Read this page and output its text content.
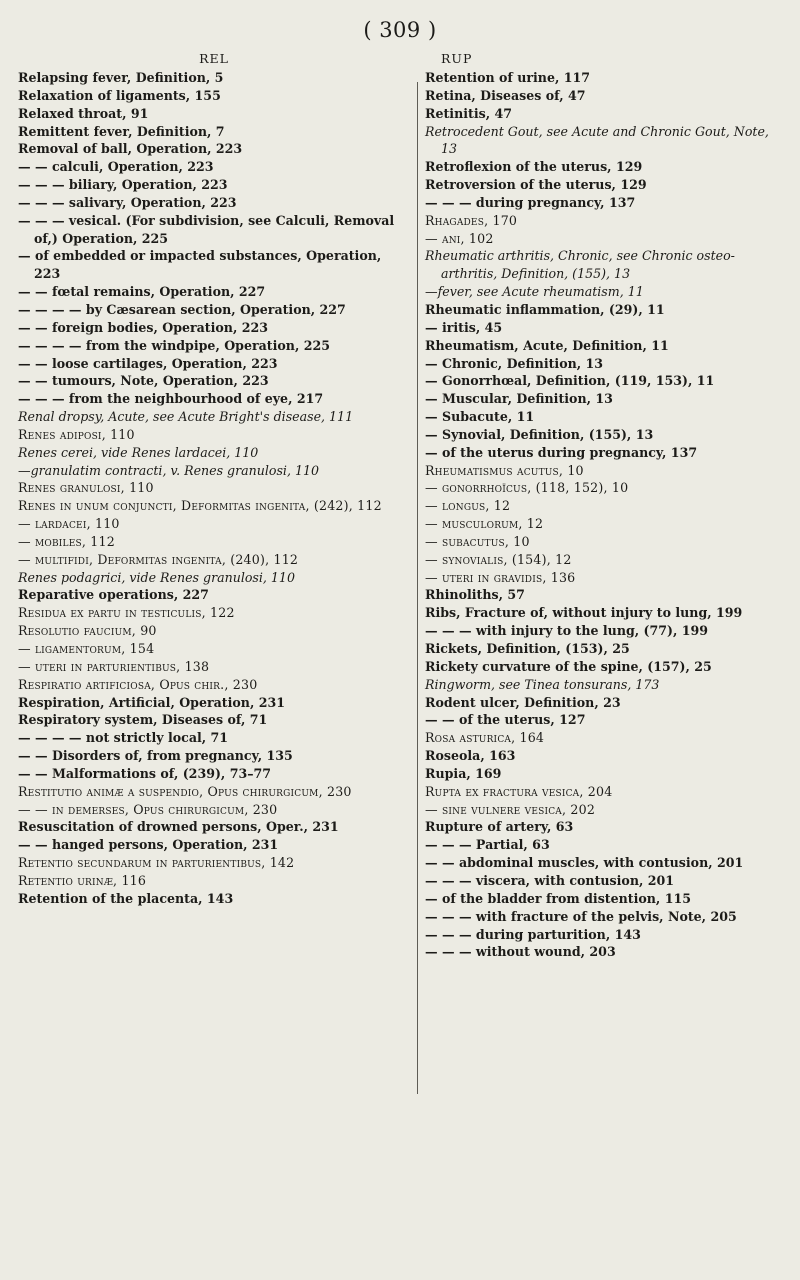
( 309 )
REL
Relapsing fever, Definition, 5
Relaxation of ligaments, 155
Relaxed throat, 91
Remittent fever, Definition, 7
Removal of ball, Operation, 223
— — calculi, Operation, 223
— — — biliary, Operation, 223
— — — salivary, Operation, 223
— — — vesical. (For subdivision, see Calculi, Removal of,) Operation, 225
— of embedded or impacted substances, Operation, 223
— — fœtal remains, Operation, 227
— — — — by Cæsarean section, Operation, 227
— — foreign bodies, Operation, 223
— — — — from the windpipe, Operation, 225
— — loose cartilages, Operation, 223
— — tumours, Note, Operation, 223
— — — from the neighbourhood of eye, 217
Renal dropsy, Acute, see Acute Bright's disease, 111
Renes adiposi, 110
Renes cerei, vide Renes lardacei, 110
—granulatim contracti, v. Renes granulosi, 110
Renes granulosi, 110
Renes in unum conjuncti, Deformitas ingenita, (242), 112
— lardacei, 110
— mobiles, 112
— multifidi, Deformitas ingenita, (240), 112
Renes podagrici, vide Renes granulosi, 110
Reparative operations, 227
Residua ex partu in testiculis, 122
Resolutio faucium, 90
— ligamentorum, 154
— uteri in parturientibus, 138
Respiratio artificiosa, Opus chir., 230
Respiration, Artificial, Operation, 231
Respiratory system, Diseases of, 71
— — — — not strictly local, 71
— — Disorders of, from pregnancy, 135
— — Malformations of, (239), 73–77
Restitutio animæ a suspendio, Opus chirurgicum, 230
— — in demerses, Opus chirurgicum, 230
Resuscitation of drowned persons, Oper., 231
— — hanged persons, Operation, 231
Retentio secundarum in parturientibus, 142
Retentio urinæ, 116
Retention of the placenta, 143
RUP
Retention of urine, 117
Retina, Diseases of, 47
Retinitis, 47
Retrocedent Gout, see Acute and Chronic Gout, Note, 13
Retroflexion of the uterus, 129
Retroversion of the uterus, 129
— — — during pregnancy, 137
Rhagades, 170
— ani, 102
Rheumatic arthritis, Chronic, see Chronic osteo-arthritis, Definition, (155), 13
—fever, see Acute rheumatism, 11
Rheumatic inflammation, (29), 11
— iritis, 45
Rheumatism, Acute, Definition, 11
— Chronic, Definition, 13
— Gonorrhœal, Definition, (119, 153), 11
— Muscular, Definition, 13
— Subacute, 11
— Synovial, Definition, (155), 13
— of the uterus during pregnancy, 137
Rheumatismus acutus, 10
— gonorrhoïcus, (118, 152), 10
— longus, 12
— musculorum, 12
— subacutus, 10
— synovialis, (154), 12
— uteri in gravidis, 136
Rhinoliths, 57
Ribs, Fracture of, without injury to lung, 199
— — — with injury to the lung, (77), 199
Rickets, Definition, (153), 25
Rickety curvature of the spine, (157), 25
Ringworm, see Tinea tonsurans, 173
Rodent ulcer, Definition, 23
— — of the uterus, 127
Rosa asturica, 164
Roseola, 163
Rupia, 169
Rupta ex fractura vesica, 204
— sine vulnere vesica, 202
Rupture of artery, 63
— — — Partial, 63
— — abdominal muscles, with contusion, 201
— — — viscera, with contusion, 201
— of the bladder from distention, 115
— — — with fracture of the pelvis, Note, 205
— — — during parturition, 143
— — — without wound, 203
